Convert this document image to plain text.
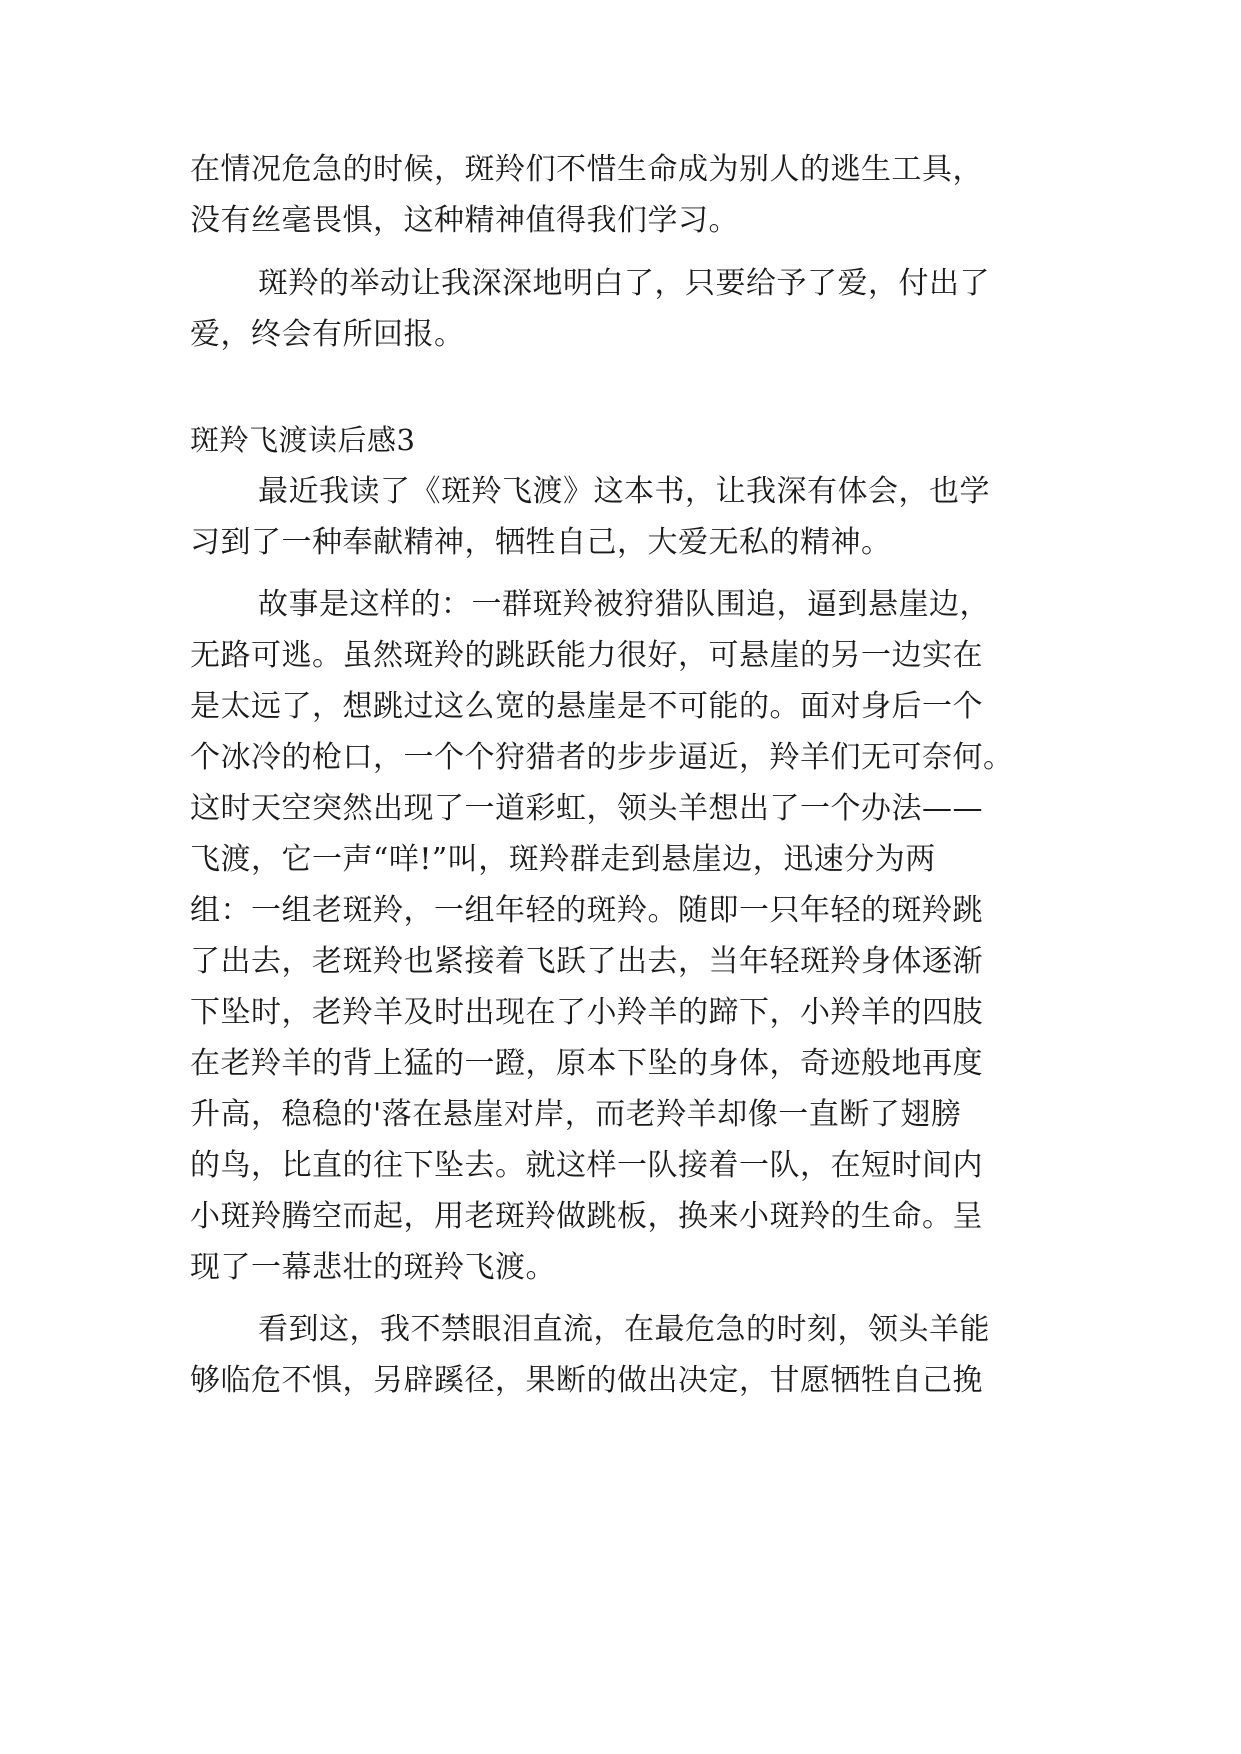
在情况危急的时候，斑羚们不惜生命成为别人的逃生工具，
没有丝毫畏惧，这种精神值得我们学习。
斑羚的举动让我深深地明白了，只要给予了爱，付出了
爱，终会有所回报。
斑羚飞渡读后感3
最近我读了《斑羚飞渡》这本书，让我深有体会，也学
习到了一种奉献精神，牺牲自己，大爱无私的精神。
故事是这样的：一群斑羚被狩猎队围追，逼到悬崖边，
无路可逃。虽然斑羚的跳跃能力很好，可悬崖的另一边实在
是太远了，想跳过这么宽的悬崖是不可能的。面对身后一个
个冰冷的枪口，一个个狩猎者的步步逼近，羚羊们无可奈何。
这时天空突然出现了一道彩虹，领头羊想出了一个办法——
飞渡，它一声“咩!”叫，斑羚群走到悬崖边，迅速分为两
组：一组老斑羚，一组年轻的斑羚。随即一只年轻的斑羚跳
了出去，老斑羚也紧接着飞跃了出去，当年轻斑羚身体逐渐
下坠时，老羚羊及时出现在了小羚羊的蹄下，小羚羊的四肢
在老羚羊的背上猛的一蹬，原本下坠的身体，奇迹般地再度
升高，稳稳的'落在悬崖对岸，而老羚羊却像一直断了翅膀
的鸟，比直的往下坠去。就这样一队接着一队，在短时间内
小斑羚腾空而起，用老斑羚做跳板，换来小斑羚的生命。呈
现了一幕悲壮的斑羚飞渡。
看到这，我不禁眼泪直流，在最危急的时刻，领头羊能
够临危不惧，另辟蹊径，果断的做出决定，甘愿牺牲自己挽
